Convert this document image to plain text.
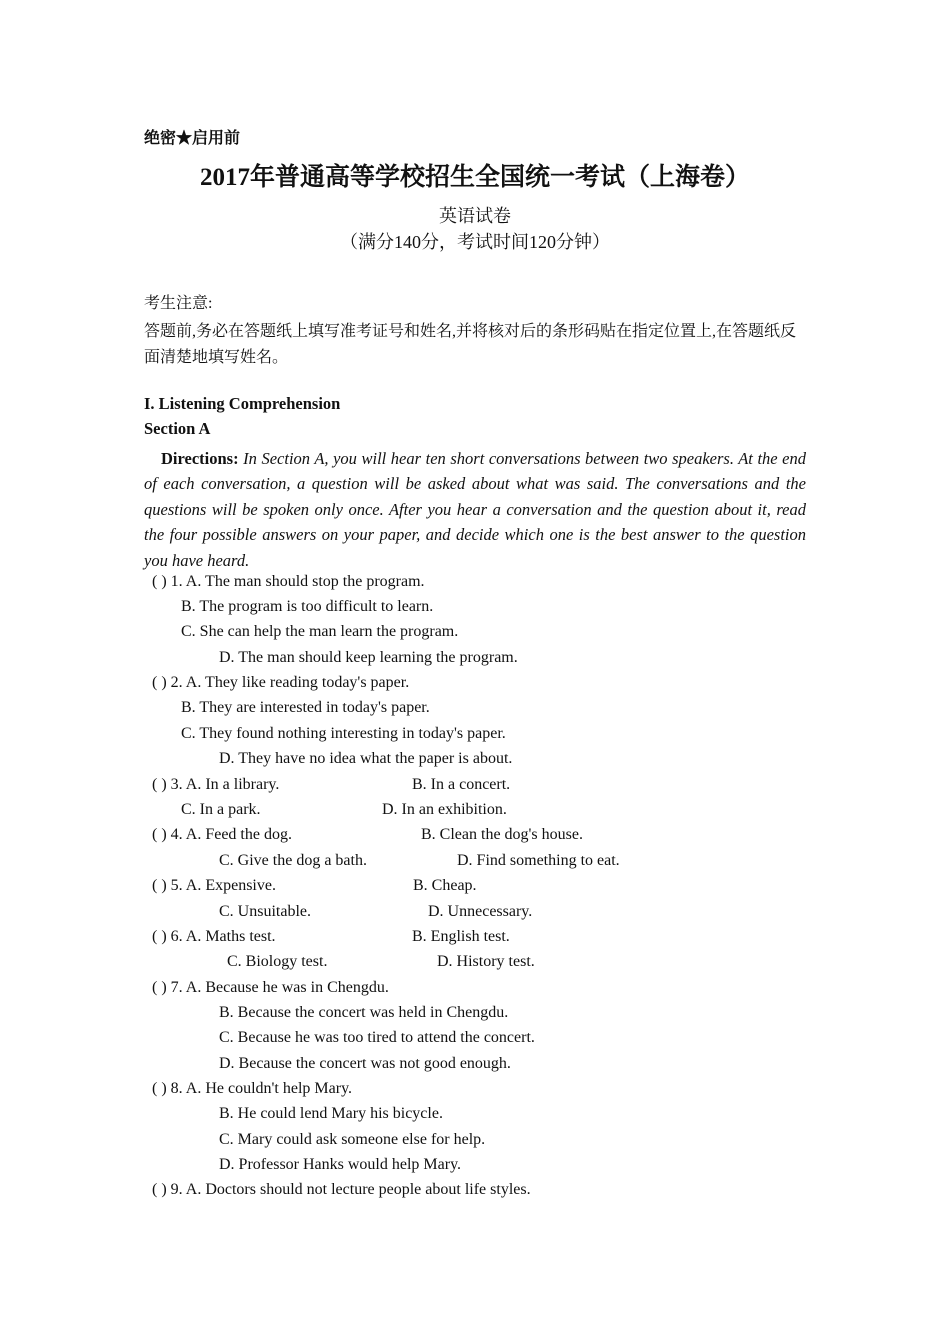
绝密★启用前
2017年普通高等学校招生全国统一考试（上海卷）
英语试卷
（满分140分，考试时间120分钟）
考生注意:
答题前,务必在答题纸上填写准考证号和姓名,并将核对后的条形码贴在指定位置上,在答题纸反面清楚地填写姓名。
I. Listening Comprehension
Section A
Directions: In Section A, you will hear ten short conversations between two speakers. At the end of each conversation, a question will be asked about what was said. The conversations and the questions will be spoken only once. After you hear a conversation and the question about it, read the four possible answers on your paper, and decide which one is the best answer to the question you have heard.
( ) 1. A. The man should stop the program.
B. The program is too difficult to learn.
C. She can help the man learn the program.
D. The man should keep learning the program.
( ) 2. A. They like reading today's paper.
B. They are interested in today's paper.
C. They found nothing interesting in today's paper.
D. They have no idea what the paper is about.
( ) 3. A. In a library.	B. In a concert.
C. In a park.	D. In an exhibition.
( ) 4. A. Feed the dog.	B. Clean the dog's house.
C. Give the dog a bath.	D. Find something to eat.
( ) 5. A. Expensive.	B. Cheap.
C. Unsuitable.	D. Unnecessary.
( ) 6. A. Maths test.	B. English test.
C. Biology test.	D. History test.
( ) 7. A. Because he was in Chengdu.
B. Because the concert was held in Chengdu.
C. Because he was too tired to attend the concert.
D. Because the concert was not good enough.
( ) 8. A. He couldn't help Mary.
B. He could lend Mary his bicycle.
C. Mary could ask someone else for help.
D. Professor Hanks would help Mary.
( ) 9. A. Doctors should not lecture people about life styles.
